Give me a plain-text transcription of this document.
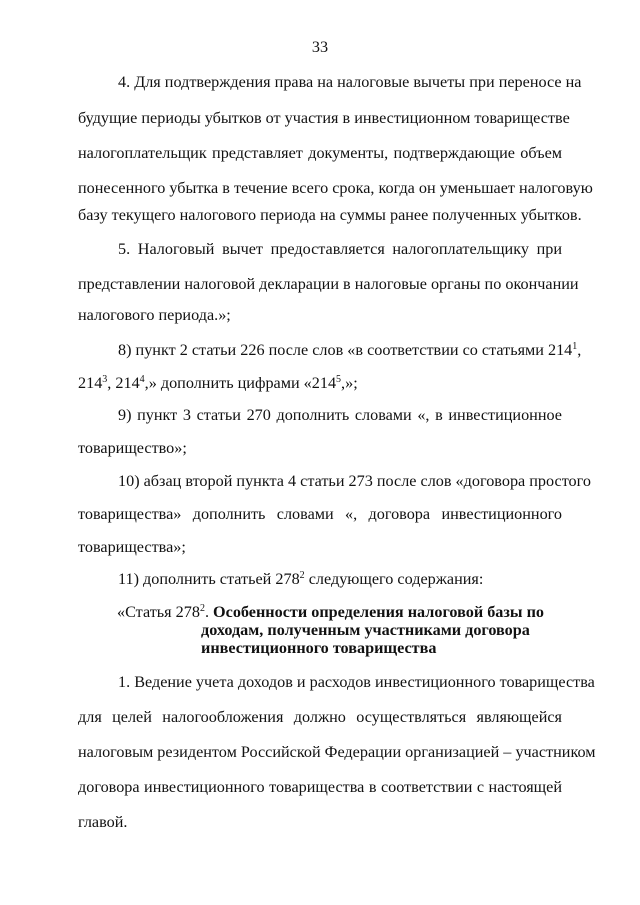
33
4. Для подтверждения права на налоговые вычеты при переносе на
будущие периоды убытков от участия в инвестиционном товариществе
налогоплательщик представляет документы, подтверждающие объем
понесенного убытка в течение всего срока, когда он уменьшает налоговую
базу текущего налогового периода на суммы ранее полученных убытков.
5. Налоговый вычет предоставляется налогоплательщику при
представлении налоговой декларации в налоговые органы по окончании
налогового периода.»;
8) пункт 2 статьи 226 после слов «в соответствии со статьями $214^1$,
$214^3$, $214^4$,» дополнить цифрами «$214^5$,»;
9) пункт 3 статьи 270 дополнить словами «, в инвестиционное
товарищество»;
10) абзац второй пункта 4 статьи 273 после слов «договора простого
товарищества» дополнить словами «, договора инвестиционного
товарищества»;
11) дополнить статьей $278^2$ следующего содержания:
«Статья $278^2$. Особенности определения налоговой базы по
доходам, полученным участниками договора
инвестиционного товарищества
1. Ведение учета доходов и расходов инвестиционного товарищества
для целей налогообложения должно осуществляться являющейся
налоговым резидентом Российской Федерации организацией – участником
договора инвестиционного товарищества в соответствии с настоящей
главой.
